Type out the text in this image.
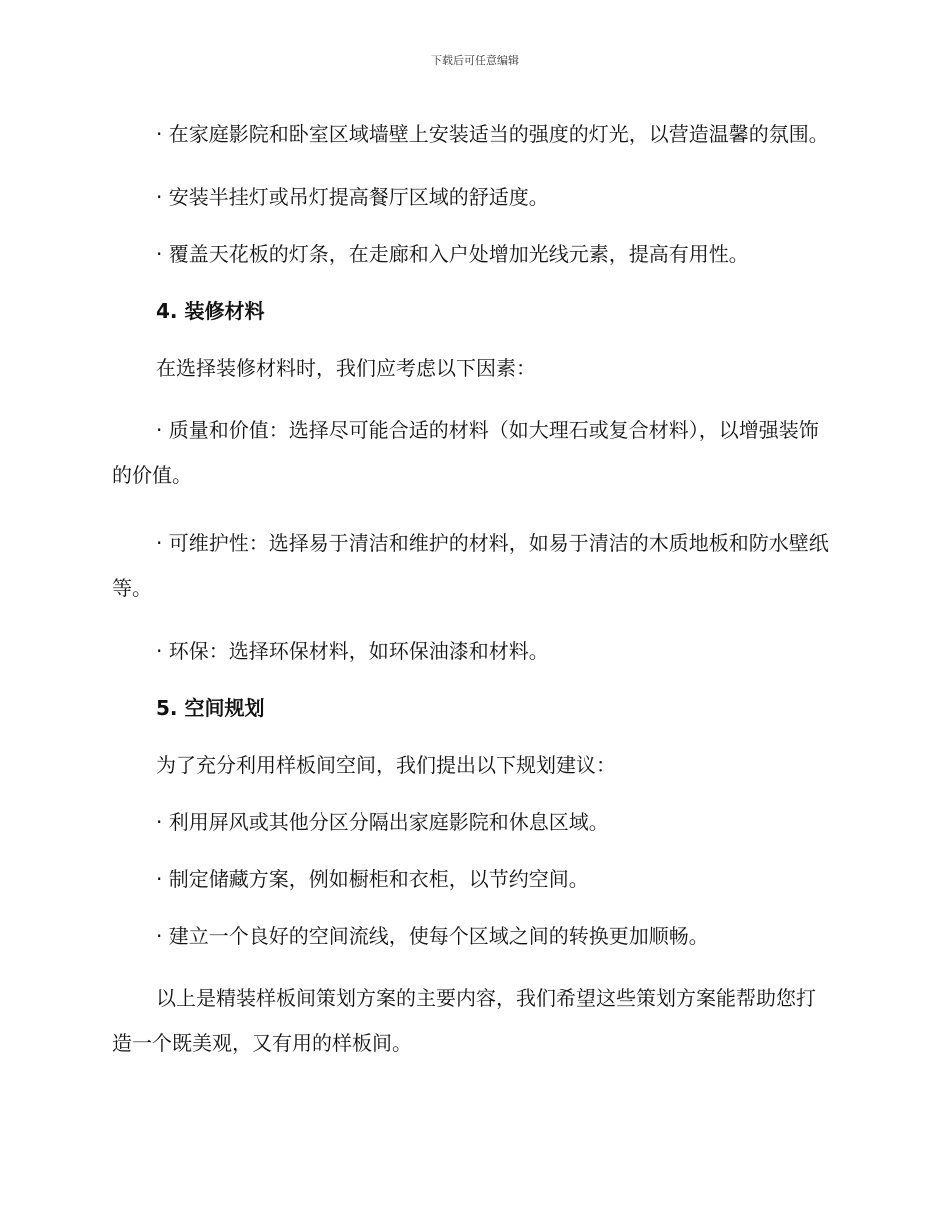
下载后可任意编辑

· 在家庭影院和卧室区域墙壁上安装适当的强度的灯光，以营造温馨的氛围。

· 安装半挂灯或吊灯提高餐厅区域的舒适度。

· 覆盖天花板的灯条，在走廊和入户处增加光线元素，提高有用性。

4. 装修材料

在选择装修材料时，我们应考虑以下因素：

· 质量和价值：选择尽可能合适的材料（如大理石或复合材料），以增强装饰的价值。

· 可维护性：选择易于清洁和维护的材料，如易于清洁的木质地板和防水壁纸等。

· 环保：选择环保材料，如环保油漆和材料。

5. 空间规划

为了充分利用样板间空间，我们提出以下规划建议：

· 利用屏风或其他分区分隔出家庭影院和休息区域。

· 制定储藏方案，例如橱柜和衣柜，以节约空间。

· 建立一个良好的空间流线，使每个区域之间的转换更加顺畅。

以上是精装样板间策划方案的主要内容，我们希望这些策划方案能帮助您打造一个既美观，又有用的样板间。
